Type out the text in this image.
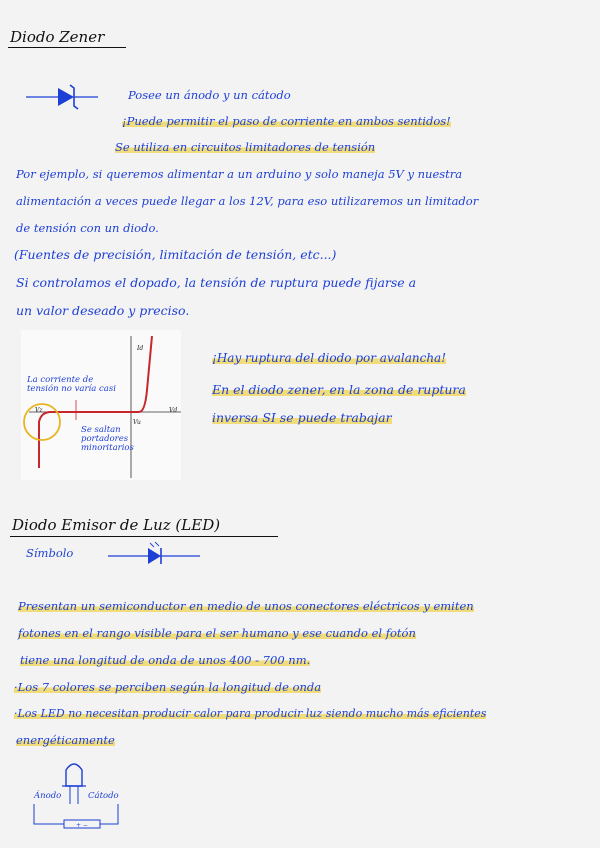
Diodo Zener
Posee un ánodo y un cátodo
¡Puede permitir el paso de corriente en ambos sentidos!
Se utiliza en circuitos limitadores de tensión
Por ejemplo, si queremos alimentar a un arduino y solo maneja 5V y nuestra
alimentación a veces puede llegar a los 12V, para eso utilizaremos un limitador
de tensión con un diodo.
(Fuentes de precisión, limitación de tensión, etc...)
Si controlamos el dopado, la tensión de ruptura puede fijarse a
un valor deseado y preciso.
Id
Vd
Vz
Vu
La corriente de
tensión no varía casi
Se saltan
portadores
minoritarios
¡Hay ruptura del diodo por avalancha!
En el diodo zener, en la zona de ruptura
inversa SI se puede trabajar
Diodo Emisor de Luz (LED)
Símbolo
Presentan un semiconductor en medio de unos conectores eléctricos y emiten
fotones en el rango visible para el ser humano y ese cuando el fotón
tiene una longitud de onda de unos 400 - 700 nm.
·Los 7 colores se perciben según la longitud de onda
·Los LED no necesitan producir calor para producir luz siendo mucho más eficientes
energéticamente
+ −
Ánodo	Cátodo
